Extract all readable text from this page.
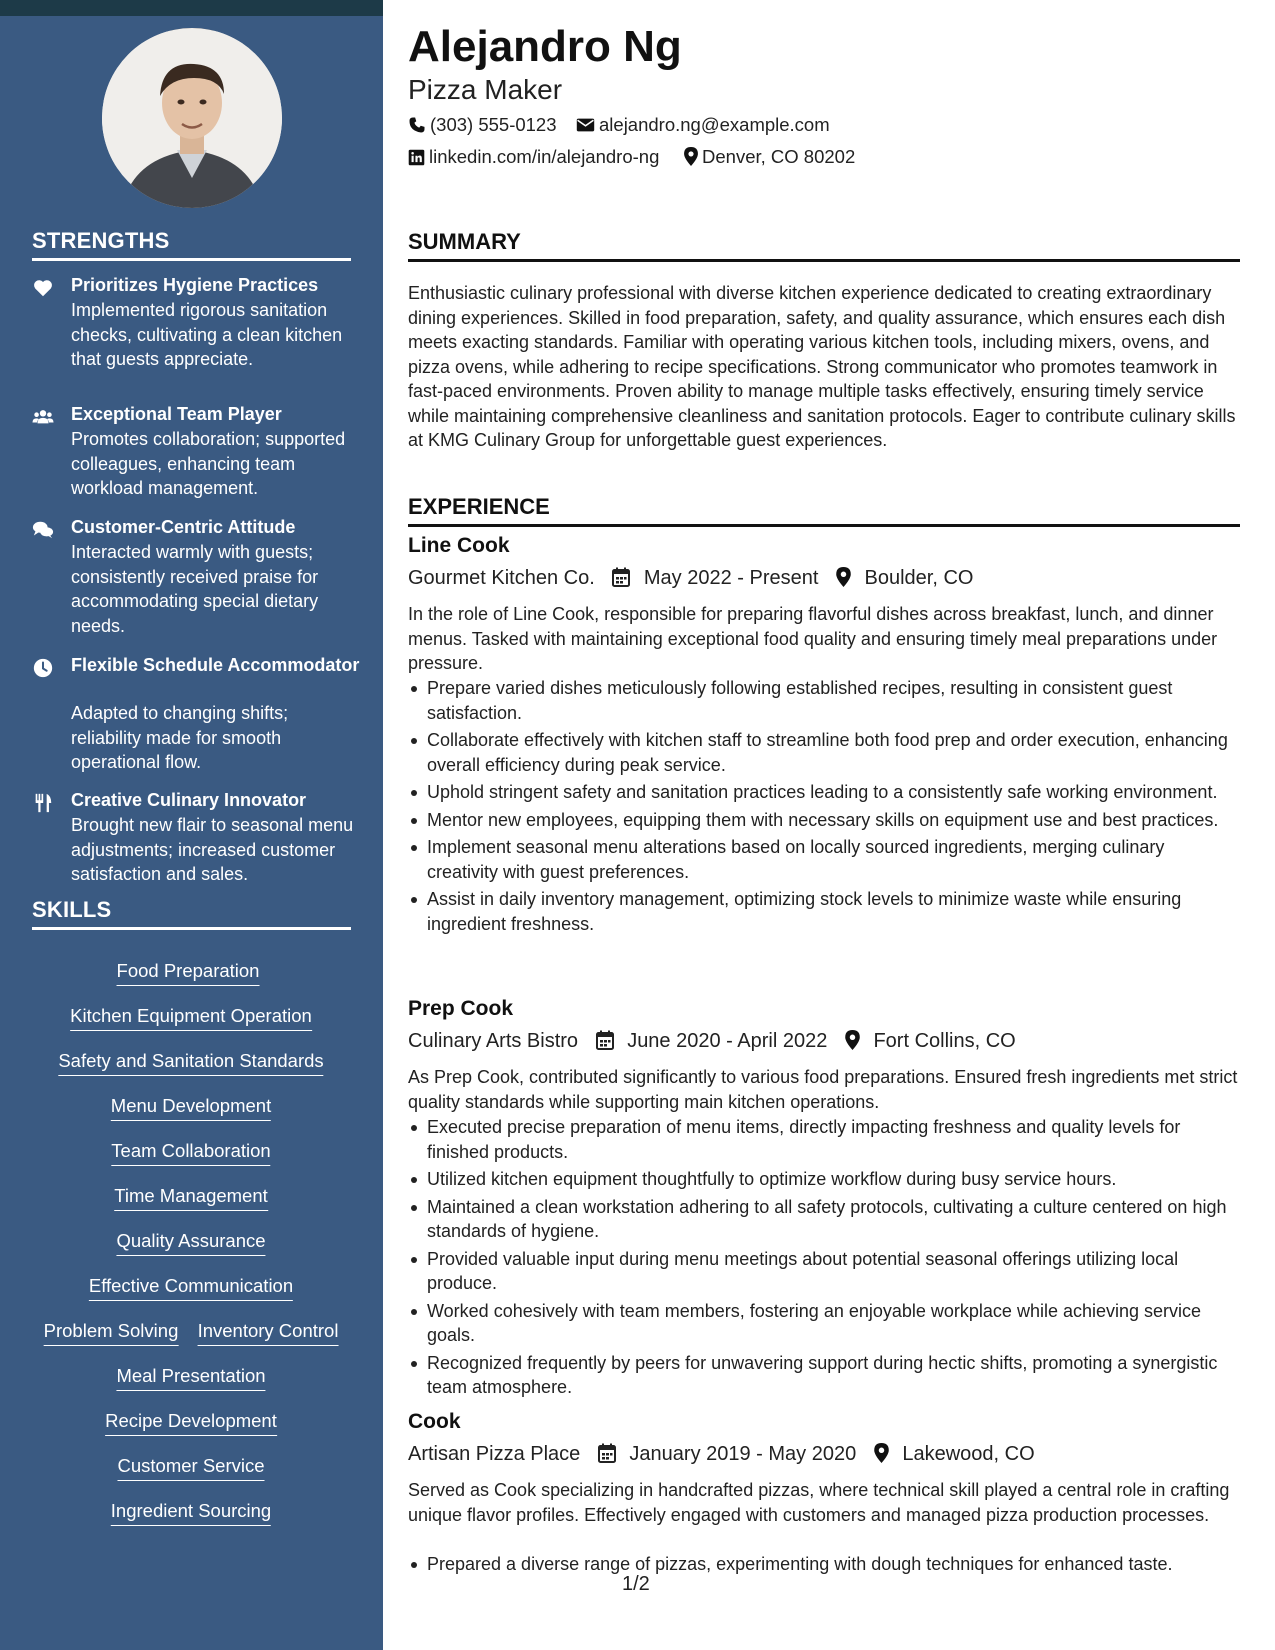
STRENGTHS
Prioritizes Hygiene Practices
Implemented rigorous sanitation checks, cultivating a clean kitchen that guests appreciate.
Exceptional Team Player
Promotes collaboration; supported colleagues, enhancing team workload management.
Customer-Centric Attitude
Interacted warmly with guests; consistently received praise for accommodating special dietary needs.
Flexible Schedule Accommodator
Adapted to changing shifts; reliability made for smooth operational flow.
Creative Culinary Innovator
Brought new flair to seasonal menu adjustments; increased customer satisfaction and sales.
SKILLS
Food Preparation
Kitchen Equipment Operation
Safety and Sanitation Standards
Menu Development
Team Collaboration
Time Management
Quality Assurance
Effective Communication
Problem Solving Inventory Control
Meal Presentation
Recipe Development
Customer Service
Ingredient Sourcing
Alejandro Ng
Pizza Maker
(303) 555-0123	alejandro.ng@example.com
linkedin.com/in/alejandro-ng	Denver, CO 80202
SUMMARY
Enthusiastic culinary professional with diverse kitchen experience dedicated to creating extraordinary dining experiences. Skilled in food preparation, safety, and quality assurance, which ensures each dish meets exacting standards. Familiar with operating various kitchen tools, including mixers, ovens, and pizza ovens, while adhering to recipe specifications. Strong communicator who promotes teamwork in fast-paced environments. Proven ability to manage multiple tasks effectively, ensuring timely service while maintaining comprehensive cleanliness and sanitation protocols. Eager to contribute culinary skills at KMG Culinary Group for unforgettable guest experiences.
EXPERIENCE
Line Cook
Gourmet Kitchen Co. May 2022 - Present Boulder, CO
In the role of Line Cook, responsible for preparing flavorful dishes across breakfast, lunch, and dinner menus. Tasked with maintaining exceptional food quality and ensuring timely meal preparations under pressure.
Prepare varied dishes meticulously following established recipes, resulting in consistent guest satisfaction.
Collaborate effectively with kitchen staff to streamline both food prep and order execution, enhancing overall efficiency during peak service.
Uphold stringent safety and sanitation practices leading to a consistently safe working environment.
Mentor new employees, equipping them with necessary skills on equipment use and best practices.
Implement seasonal menu alterations based on locally sourced ingredients, merging culinary creativity with guest preferences.
Assist in daily inventory management, optimizing stock levels to minimize waste while ensuring ingredient freshness.
Prep Cook
Culinary Arts Bistro June 2020 - April 2022 Fort Collins, CO
As Prep Cook, contributed significantly to various food preparations. Ensured fresh ingredients met strict quality standards while supporting main kitchen operations.
Executed precise preparation of menu items, directly impacting freshness and quality levels for finished products.
Utilized kitchen equipment thoughtfully to optimize workflow during busy service hours.
Maintained a clean workstation adhering to all safety protocols, cultivating a culture centered on high standards of hygiene.
Provided valuable input during menu meetings about potential seasonal offerings utilizing local produce.
Worked cohesively with team members, fostering an enjoyable workplace while achieving service goals.
Recognized frequently by peers for unwavering support during hectic shifts, promoting a synergistic team atmosphere.
Cook
Artisan Pizza Place January 2019 - May 2020 Lakewood, CO
Served as Cook specializing in handcrafted pizzas, where technical skill played a central role in crafting unique flavor profiles. Effectively engaged with customers and managed pizza production processes.
Prepared a diverse range of pizzas, experimenting with dough techniques for enhanced taste.
1/2
